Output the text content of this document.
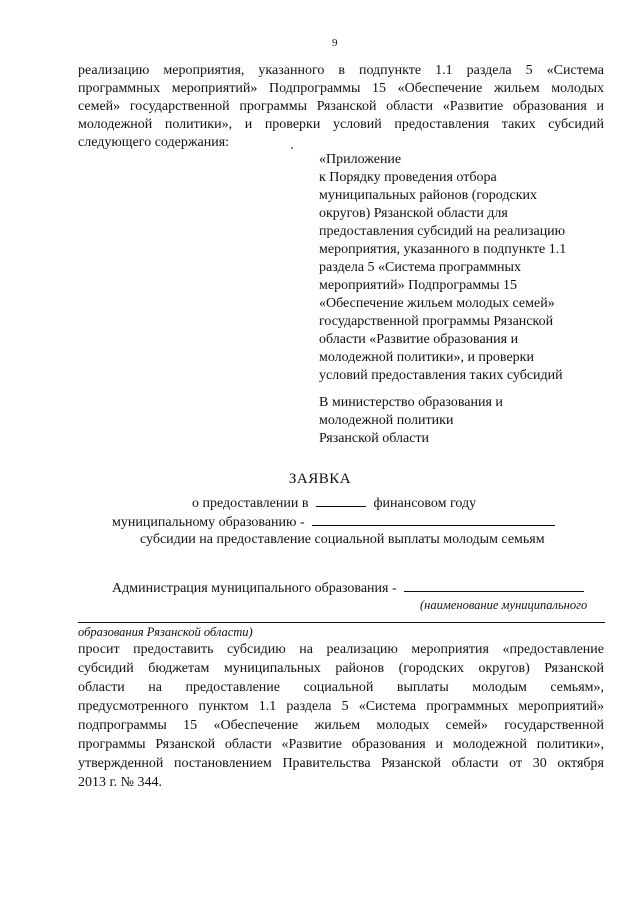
9
реализацию мероприятия, указанного в подпункте 1.1 раздела 5 «Система
программных мероприятий» Подпрограммы 15 «Обеспечение жильем молодых
семей» государственной программы Рязанской области «Развитие образования и
молодежной политики», и проверки условий предоставления таких субсидий
следующего содержания:
«Приложение
к Порядку проведения отбора
муниципальных районов (городских
округов) Рязанской области для
предоставления субсидий на реализацию
мероприятия, указанного в подпункте 1.1
раздела 5 «Система программных
мероприятий» Подпрограммы 15
«Обеспечение жильем молодых семей»
государственной программы Рязанской
области «Развитие образования и
молодежной политики», и проверки
условий предоставления таких субсидий
В министерство образования и
молодежной политики
Рязанской области
ЗАЯВКА
о предоставлении в	финансовом году
муниципальному образованию -
субсидии на предоставление социальной выплаты молодым семьям
Администрация муниципального образования -
(наименование муниципального
образования Рязанской области)
просит предоставить субсидию на реализацию мероприятия «предоставление
субсидий бюджетам муниципальных районов (городских округов) Рязанской
области на предоставление социальной выплаты молодым семьям»,
предусмотренного пунктом 1.1 раздела 5 «Система программных мероприятий»
подпрограммы 15 «Обеспечение жильем молодых семей» государственной
программы Рязанской области «Развитие образования и молодежной политики»,
утвержденной постановлением Правительства Рязанской области от 30 октября
2013 г. № 344.
